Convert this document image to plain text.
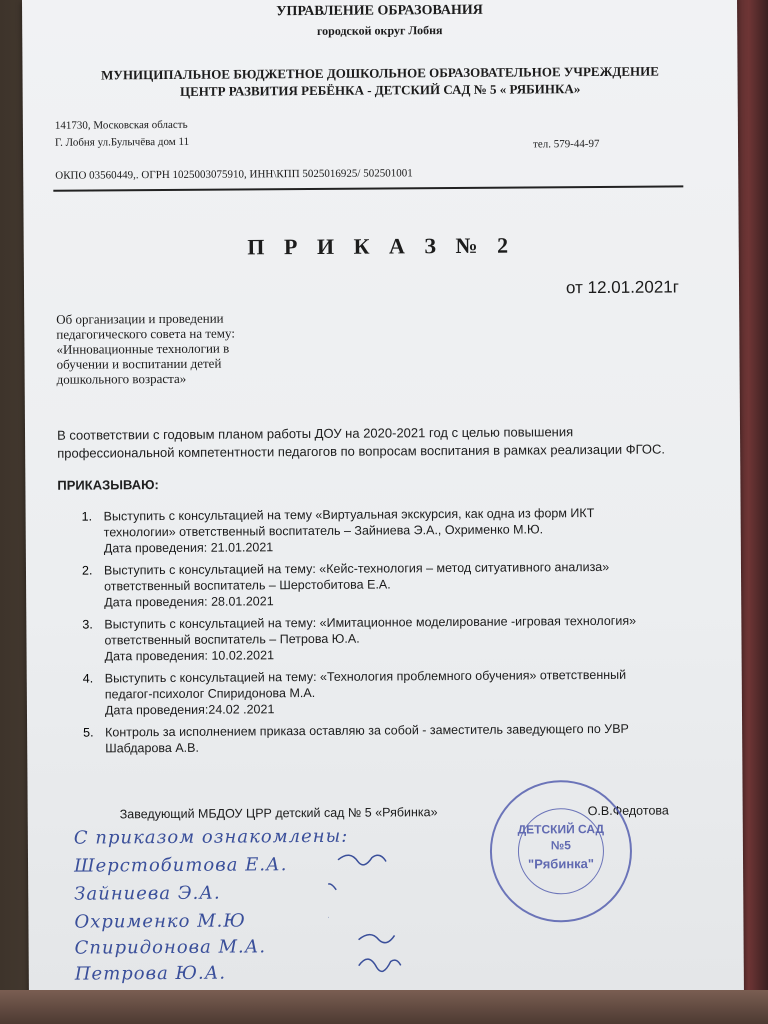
УПРАВЛЕНИЕ ОБРАЗОВАНИЯ
городской округ Лобня
МУНИЦИПАЛЬНОЕ БЮДЖЕТНОЕ ДОШКОЛЬНОЕ ОБРАЗОВАТЕЛЬНОЕ УЧРЕЖДЕНИЕ
ЦЕНТР РАЗВИТИЯ РЕБЁНКА - ДЕТСКИЙ САД № 5 « РЯБИНКА»
141730, Московская область
Г. Лобня ул.Булычёва дом 11	тел. 579-44-97
ОКПО 03560449,. ОГРН 1025003075910, ИНН\КПП 5025016925/ 502501001
П Р И К А З № 2
от 12.01.2021г
Об организации и проведении
педагогического совета на тему:
«Инновационные технологии в
обучении и воспитании детей
дошкольного возраста»
В соответствии с годовым планом работы ДОУ на 2020-2021 год с целью повышения
профессиональной компетентности педагогов по вопросам воспитания в рамках реализации ФГОС.
ПРИКАЗЫВАЮ:
1. Выступить с консультацией на тему «Виртуальная экскурсия, как одна из форм ИКТ
технологии» ответственный воспитатель – Зайниева Э.А., Охрименко М.Ю.
Дата проведения: 21.01.2021
2. Выступить с консультацией на тему: «Кейс-технология – метод ситуативного анализа»
ответственный воспитатель – Шерстобитова Е.А.
Дата проведения: 28.01.2021
3. Выступить с консультацией на тему: «Имитационное моделирование -игровая технология»
ответственный воспитатель – Петрова Ю.А.
Дата проведения: 10.02.2021
4. Выступить с консультацией на тему: «Технология проблемного обучения» ответственный
педагог-психолог Спиридонова М.А.
Дата проведения:24.02 .2021
5. Контроль за исполнением приказа оставляю за собой - заместитель заведующего по УВР
Шабдарова А.В.
Заведующий МБДОУ ЦРР детский сад № 5 «Рябинка»	О.В.Федотова
ДЕТСКИЙ САД
№5
"Рябинка"
С приказом ознакомлены:
Шерстобитова Е.А.
Зайниева Э.А.
Охрименко М.Ю
Спиридонова М.А.
Петрова Ю.А.
